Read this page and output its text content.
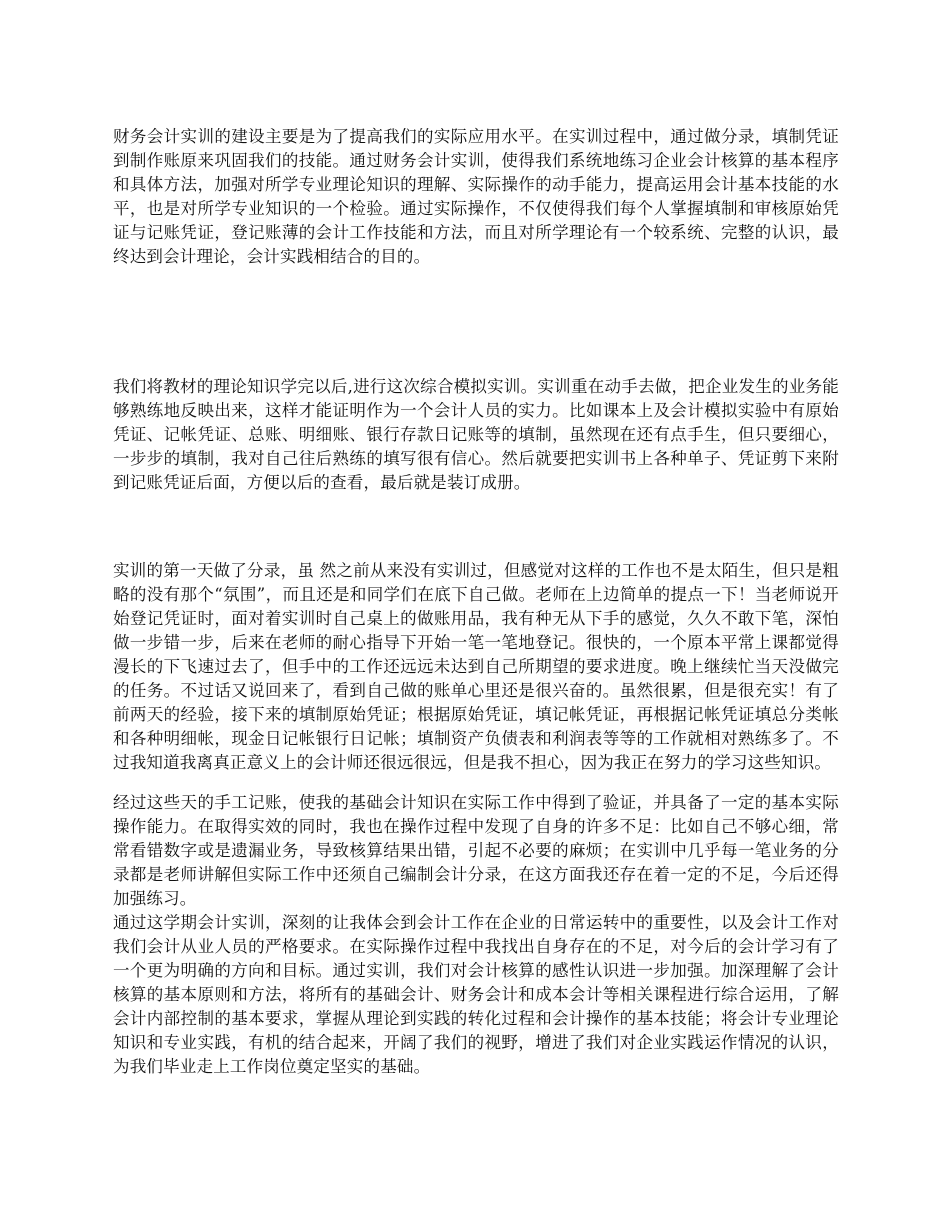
财务会计实训的建设主要是为了提高我们的实际应用水平。在实训过程中，通过做分录，填制凭证到制作账原来巩固我们的技能。通过财务会计实训，使得我们系统地练习企业会计核算的基本程序和具体方法，加强对所学专业理论知识的理解、实际操作的动手能力，提高运用会计基本技能的水平，也是对所学专业知识的一个检验。通过实际操作，不仅使得我们每个人掌握填制和审核原始凭证与记账凭证，登记账薄的会计工作技能和方法，而且对所学理论有一个较系统、完整的认识，最终达到会计理论，会计实践相结合的目的。

我们将教材的理论知识学完以后,进行这次综合模拟实训。实训重在动手去做，把企业发生的业务能够熟练地反映出来，这样才能证明作为一个会计人员的实力。比如课本上及会计模拟实验中有原始凭证、记帐凭证、总账、明细账、银行存款日记账等的填制，虽然现在还有点手生，但只要细心，一步步的填制，我对自己往后熟练的填写很有信心。然后就要把实训书上各种单子、凭证剪下来附到记账凭证后面，方便以后的查看，最后就是装订成册。

实训的第一天做了分录，虽 然之前从来没有实训过，但感觉对这样的工作也不是太陌生，但只是粗略的没有那个“氛围”，而且还是和同学们在底下自己做。老师在上边简单的提点一下！当老师说开始登记凭证时，面对着实训时自己桌上的做账用品，我有种无从下手的感觉，久久不敢下笔，深怕做一步错一步，后来在老师的耐心指导下开始一笔一笔地登记。很快的，一个原本平常上课都觉得漫长的下飞速过去了，但手中的工作还远远未达到自己所期望的要求进度。晚上继续忙当天没做完的任务。不过话又说回来了，看到自己做的账单心里还是很兴奋的。虽然很累，但是很充实！有了前两天的经验，接下来的填制原始凭证；根据原始凭证，填记帐凭证，再根据记帐凭证填总分类帐和各种明细帐，现金日记帐银行日记帐；填制资产负债表和利润表等等的工作就相对熟练多了。不过我知道我离真正意义上的会计师还很远很远，但是我不担心，因为我正在努力的学习这些知识。

经过这些天的手工记账，使我的基础会计知识在实际工作中得到了验证，并具备了一定的基本实际操作能力。在取得实效的同时，我也在操作过程中发现了自身的许多不足：比如自己不够心细，常常看错数字或是遗漏业务，导致核算结果出错，引起不必要的麻烦；在实训中几乎每一笔业务的分录都是老师讲解但实际工作中还须自己编制会计分录，在这方面我还存在着一定的不足，今后还得加强练习。

通过这学期会计实训，深刻的让我体会到会计工作在企业的日常运转中的重要性，以及会计工作对我们会计从业人员的严格要求。在实际操作过程中我找出自身存在的不足，对今后的会计学习有了一个更为明确的方向和目标。通过实训，我们对会计核算的感性认识进一步加强。加深理解了会计核算的基本原则和方法，将所有的基础会计、财务会计和成本会计等相关课程进行综合运用，了解会计内部控制的基本要求，掌握从理论到实践的转化过程和会计操作的基本技能；将会计专业理论知识和专业实践，有机的结合起来，开阔了我们的视野，增进了我们对企业实践运作情况的认识，为我们毕业走上工作岗位奠定坚实的基础。
